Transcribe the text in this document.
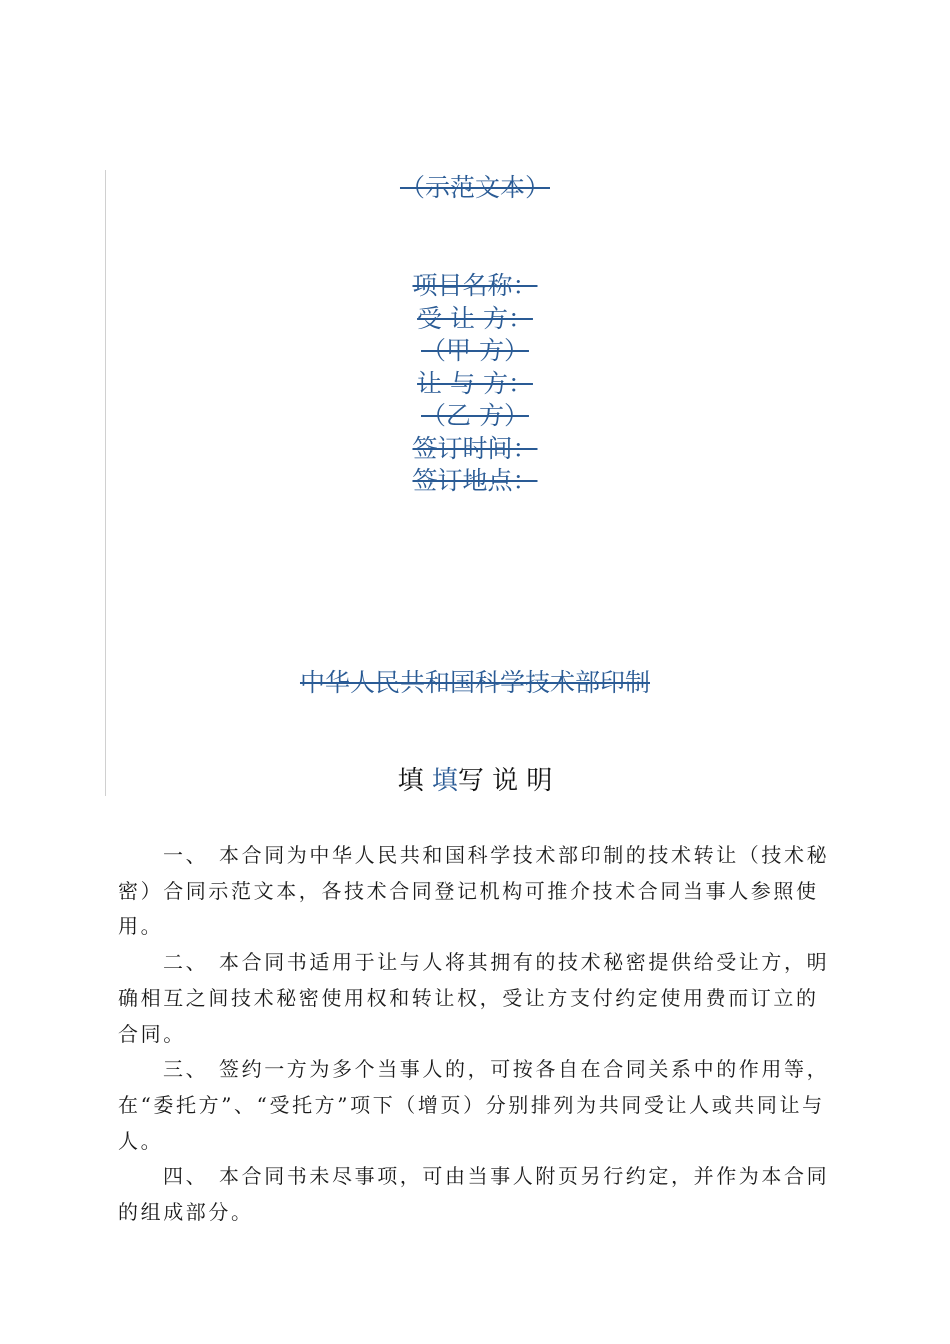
（示范文本）
项目名称：
受 让 方：
（甲 方）
让 与 方：
（乙 方）
签订时间：
签订地点：
中华人民共和国科学技术部印制
填 填写 说 明

一、 本合同为中华人民共和国科学技术部印制的技术转让（技术秘密）合同示范文本，各技术合同登记机构可推介技术合同当事人参照使用。

二、 本合同书适用于让与人将其拥有的技术秘密提供给受让方，明确相互之间技术秘密使用权和转让权，受让方支付约定使用费而订立的合同。

三、 签约一方为多个当事人的，可按各自在合同关系中的作用等，在“委托方”、“受托方”项下（增页）分别排列为共同受让人或共同让与人。

四、 本合同书未尽事项，可由当事人附页另行约定，并作为本合同的组成部分。
